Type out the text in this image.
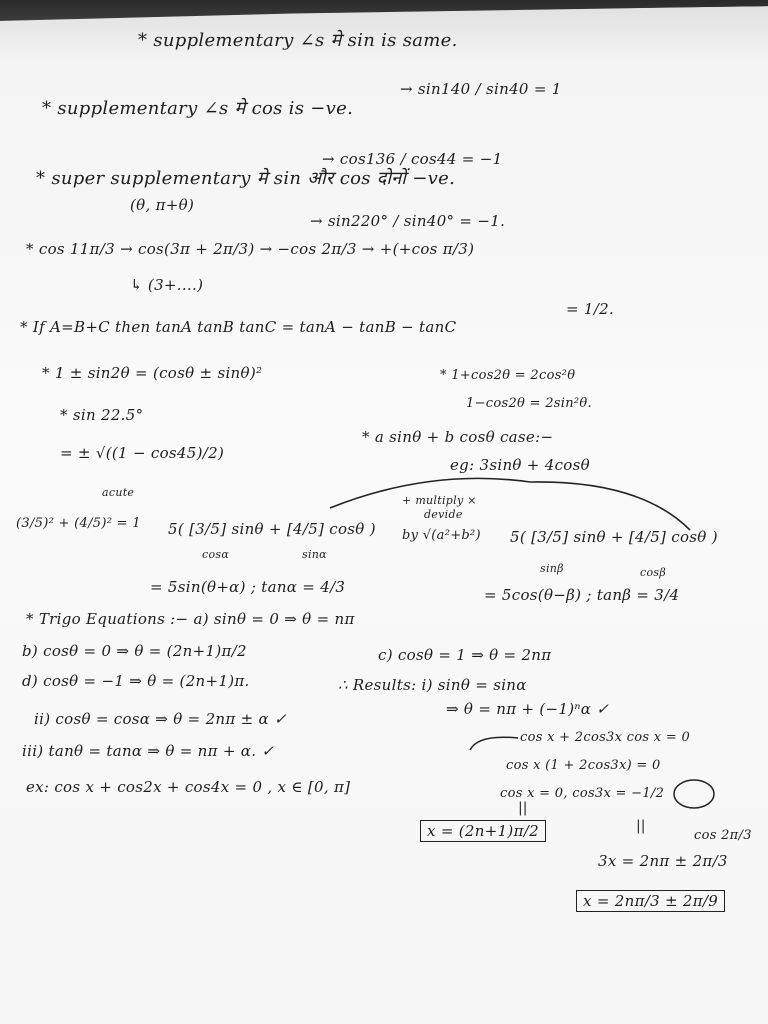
* supplementary ∠s मे sin is same.
→ sin140 / sin40 = 1
* supplementary ∠s मे cos is −ve.
→ cos136 / cos44 = −1
* super supplementary मे sin और cos दोनों −ve.
(θ, π+θ)
→ sin220° / sin40° = −1.
* cos 11π/3 → cos(3π + 2π/3) → −cos 2π/3 → +(+cos π/3)
↳ (3+....)
= 1/2.
* If A=B+C then tanA tanB tanC = tanA − tanB − tanC
* 1 ± sin2θ = (cosθ ± sinθ)²	* 1+cos2θ = 2cos²θ
1−cos2θ = 2sin²θ.
* sin 22.5°
= ± √((1 − cos45)/2)
* a sinθ + b cosθ case:−
eg: 3sinθ + 4cosθ
acute
(3/5)² + (4/5)² = 1 5( [3/5] sinθ + [4/5] cosθ )
+ multiply ×
devide
by √(a²+b²) 5( [3/5] sinθ + [4/5] cosθ )
cosα	sinα
sinβ	cosβ
= 5sin(θ+α) ; tanα = 4/3	= 5cos(θ−β) ; tanβ = 3/4
* Trigo Equations :− a) sinθ = 0 ⇒ θ = nπ
b) cosθ = 0 ⇒ θ = (2n+1)π/2	c) cosθ = 1 ⇒ θ = 2nπ
d) cosθ = −1 ⇒ θ = (2n+1)π.	∴ Results: i) sinθ = sinα
⇒ θ = nπ + (−1)ⁿα ✓
ii) cosθ = cosα ⇒ θ = 2nπ ± α ✓
iii) tanθ = tanα ⇒ θ = nπ + α. ✓
cos x + 2cos3x cos x = 0
cos x (1 + 2cos3x) = 0
ex: cos x + cos2x + cos4x = 0 , x ∈ [0, π]	cos x = 0, cos3x = −1/2
x = (2n+1)π/2	cos 2π/3
3x = 2nπ ± 2π/3
x = 2nπ/3 ± 2π/9
||
||
